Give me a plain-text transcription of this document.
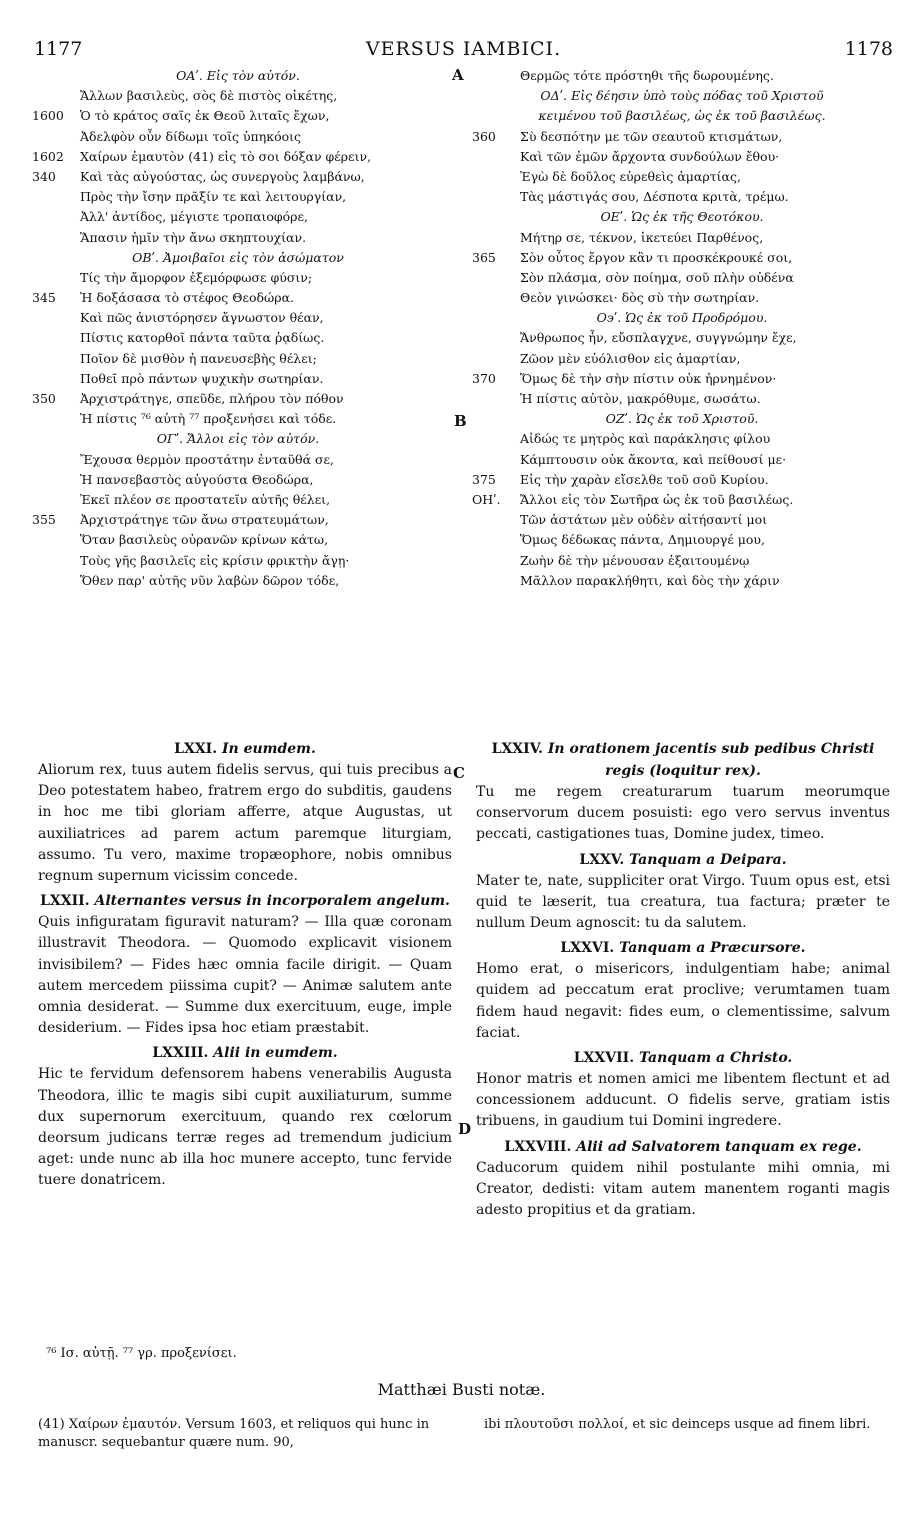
1177	VERSUS IAMBICI.	1178
A
B
C
D
ΟΑʹ. Εἰς τὸν αὐτόν.
Ἄλλων βασιλεὺς, σὸς δὲ πιστὸς οἰκέτης,
1600	Ὁ τὸ κράτος σαῖς ἐκ Θεοῦ λιταῖς ἔχων,
Ἀδελφὸν οὖν δίδωμι τοῖς ὑπηκόοις
1602	Χαίρων ἐμαυτὸν (41) εἰς τὸ σοι δόξαν φέρειν,
340	Καὶ τὰς αὐγούστας, ὡς συνεργοὺς λαμβάνω,
Πρὸς τὴν ἴσην πρᾶξίν τε καὶ λειτουργίαν,
Ἀλλ' ἀντίδος, μέγιστε τροπαιοφόρε,
Ἅπασιν ἡμῖν τὴν ἄνω σκηπτουχίαν.
ΟΒʹ. Ἀμοιβαῖοι εἰς τὸν ἀσώματον
Τίς τὴν ἄμορφον ἐξεμόρφωσε φύσιν;
345	Ἡ δοξάσασα τὸ στέφος Θεοδώρα.
Καὶ πῶς ἀνιστόρησεν ἄγνωστον θέαν,
Πίστις κατορθοῖ πάντα ταῦτα ῥᾳδίως.
Ποῖον δὲ μισθὸν ἡ πανευσεβὴς θέλει;
Ποθεῖ πρὸ πάντων ψυχικὴν σωτηρίαν.
350	Ἀρχιστράτηγε, σπεῦδε, πλήρου τὸν πόθον
Ἡ πίστις ⁷⁶ αὐτὴ ⁷⁷ προξενήσει καὶ τόδε.
ΟΓʹ. Ἄλλοι εἰς τὸν αὐτόν.
Ἔχουσα θερμὸν προστάτην ἐνταῦθά σε,
Ἡ πανσεβαστὸς αὐγούστα Θεοδώρα,
Ἐκεῖ πλέον σε προστατεῖν αὐτῆς θέλει,
355	Ἀρχιστράτηγε τῶν ἄνω στρατευμάτων,
Ὅταν βασιλεὺς οὐρανῶν κρίνων κάτω,
Τοὺς γῆς βασιλεῖς εἰς κρίσιν φρικτὴν ἄγῃ·
Ὅθεν παρ' αὐτῆς νῦν λαβὼν δῶρον τόδε,
Θερμῶς τότε πρόστηθι τῆς δωρουμένης.
ΟΔʹ. Εἰς δέησιν ὑπὸ τοὺς πόδας τοῦ Χριστοῦ
κειμένου τοῦ βασιλέως, ὡς ἐκ τοῦ βασιλέως.
360	Σὺ δεσπότην με τῶν σεαυτοῦ κτισμάτων,
Καὶ τῶν ἐμῶν ἄρχοντα συνδούλων ἔθου·
Ἐγὼ δὲ δοῦλος εὑρεθεὶς ἁμαρτίας,
Τὰς μάστιγάς σου, Δέσποτα κριτὰ, τρέμω.
ΟΕʹ. Ὡς ἐκ τῆς Θεοτόκου.
Μήτηρ σε, τέκνον, ἱκετεύει Παρθένος,
365	Σὸν οὗτος ἔργον κἂν τι προσκέκρουκέ σοι,
Σὸν πλάσμα, σὸν ποίημα, σοῦ πλὴν οὐδένα
Θεὸν γινώσκει· δὸς σὺ τὴν σωτηρίαν.
Ο϶ʹ. Ὡς ἐκ τοῦ Προδρόμου.
Ἄνθρωπος ἦν, εὔσπλαγχνε, συγγνώμην ἔχε,
Ζῶον μὲν εὐόλισθον εἰς ἁμαρτίαν,
370	Ὅμως δὲ τὴν σὴν πίστιν οὐκ ἠρνημένον·
Ἡ πίστις αὐτὸν, μακρόθυμε, σωσάτω.
ΟΖʹ. Ὡς ἐκ τοῦ Χριστοῦ.
Αἰδώς τε μητρὸς καὶ παράκλησις φίλου
Κάμπτουσιν οὐκ ἄκοντα, καὶ πείθουσί με·
375	Εἰς τὴν χαρὰν εἴσελθε τοῦ σοῦ Κυρίου.
ΟΗʹ.	Ἄλλοι εἰς τὸν Σωτῆρα ὡς ἐκ τοῦ βασιλέως.
Τῶν ἀστάτων μὲν οὐδὲν αἰτήσαντί μοι
Ὅμως δέδωκας πάντα, Δημιουργέ μου,
Ζωὴν δὲ τὴν μένουσαν ἐξαιτουμένῳ
Μᾶλλον παρακλήθητι, καὶ δὸς τὴν χάριν
LXXI. In eumdem.

Aliorum rex, tuus autem fidelis servus, qui tuis precibus a Deo potestatem habeo, fratrem ergo do subditis, gaudens in hoc me tibi gloriam afferre, atque Augustas, ut auxiliatrices ad parem actum paremque liturgiam, assumo. Tu vero, maxime tropæophore, nobis omnibus regnum supernum vicissim concede.

LXXII. Alternantes versus in incorporalem angelum.

Quis infiguratam figuravit naturam? — Illa quæ coronam illustravit Theodora. — Quomodo explicavit visionem invisibilem? — Fides hæc omnia facile dirigit. — Quam autem mercedem piissima cupit? — Animæ salutem ante omnia desiderat. — Summe dux exercituum, euge, imple desiderium. — Fides ipsa hoc etiam præstabit.

LXXIII. Alii in eumdem.

Hic te fervidum defensorem habens venerabilis Augusta Theodora, illic te magis sibi cupit auxiliaturum, summe dux supernorum exercituum, quando rex cœlorum deorsum judicans terræ reges ad tremendum judicium aget: unde nunc ab illa hoc munere accepto, tunc fervide tuere donatricem.

LXXIV. In orationem jacentis sub pedibus Christi regis (loquitur rex).

Tu me regem creaturarum tuarum meorumque conservorum ducem posuisti: ego vero servus inventus peccati, castigationes tuas, Domine judex, timeo.

LXXV. Tanquam a Deipara.

Mater te, nate, suppliciter orat Virgo. Tuum opus est, etsi quid te læserit, tua creatura, tua factura; præter te nullum Deum agnoscit: tu da salutem.

LXXVI. Tanquam a Præcursore.

Homo erat, o misericors, indulgentiam habe; animal quidem ad peccatum erat proclive; verumtamen tuam fidem haud negavit: fides eum, o clementissime, salvum faciat.

LXXVII. Tanquam a Christo.

Honor matris et nomen amici me libentem flectunt et ad concessionem adducunt. O fidelis serve, gratiam istis tribuens, in gaudium tui Domini ingredere.

LXXVIII. Alii ad Salvatorem tanquam ex rege.

Caducorum quidem nihil postulante mihi omnia, mi Creator, dedisti: vitam autem manentem roganti magis adesto propitius et da gratiam.

⁷⁶ Ισ. αὐτῇ. ⁷⁷ γρ. προξενίσει.
Matthæi Busti notæ.
(41) Χαίρων ἐμαυτόν. Versum 1603, et reliquos qui hunc in manuscr. sequebantur quære num. 90,
ibi πλουτοῦσι πολλοί, et sic deinceps usque ad finem libri.
